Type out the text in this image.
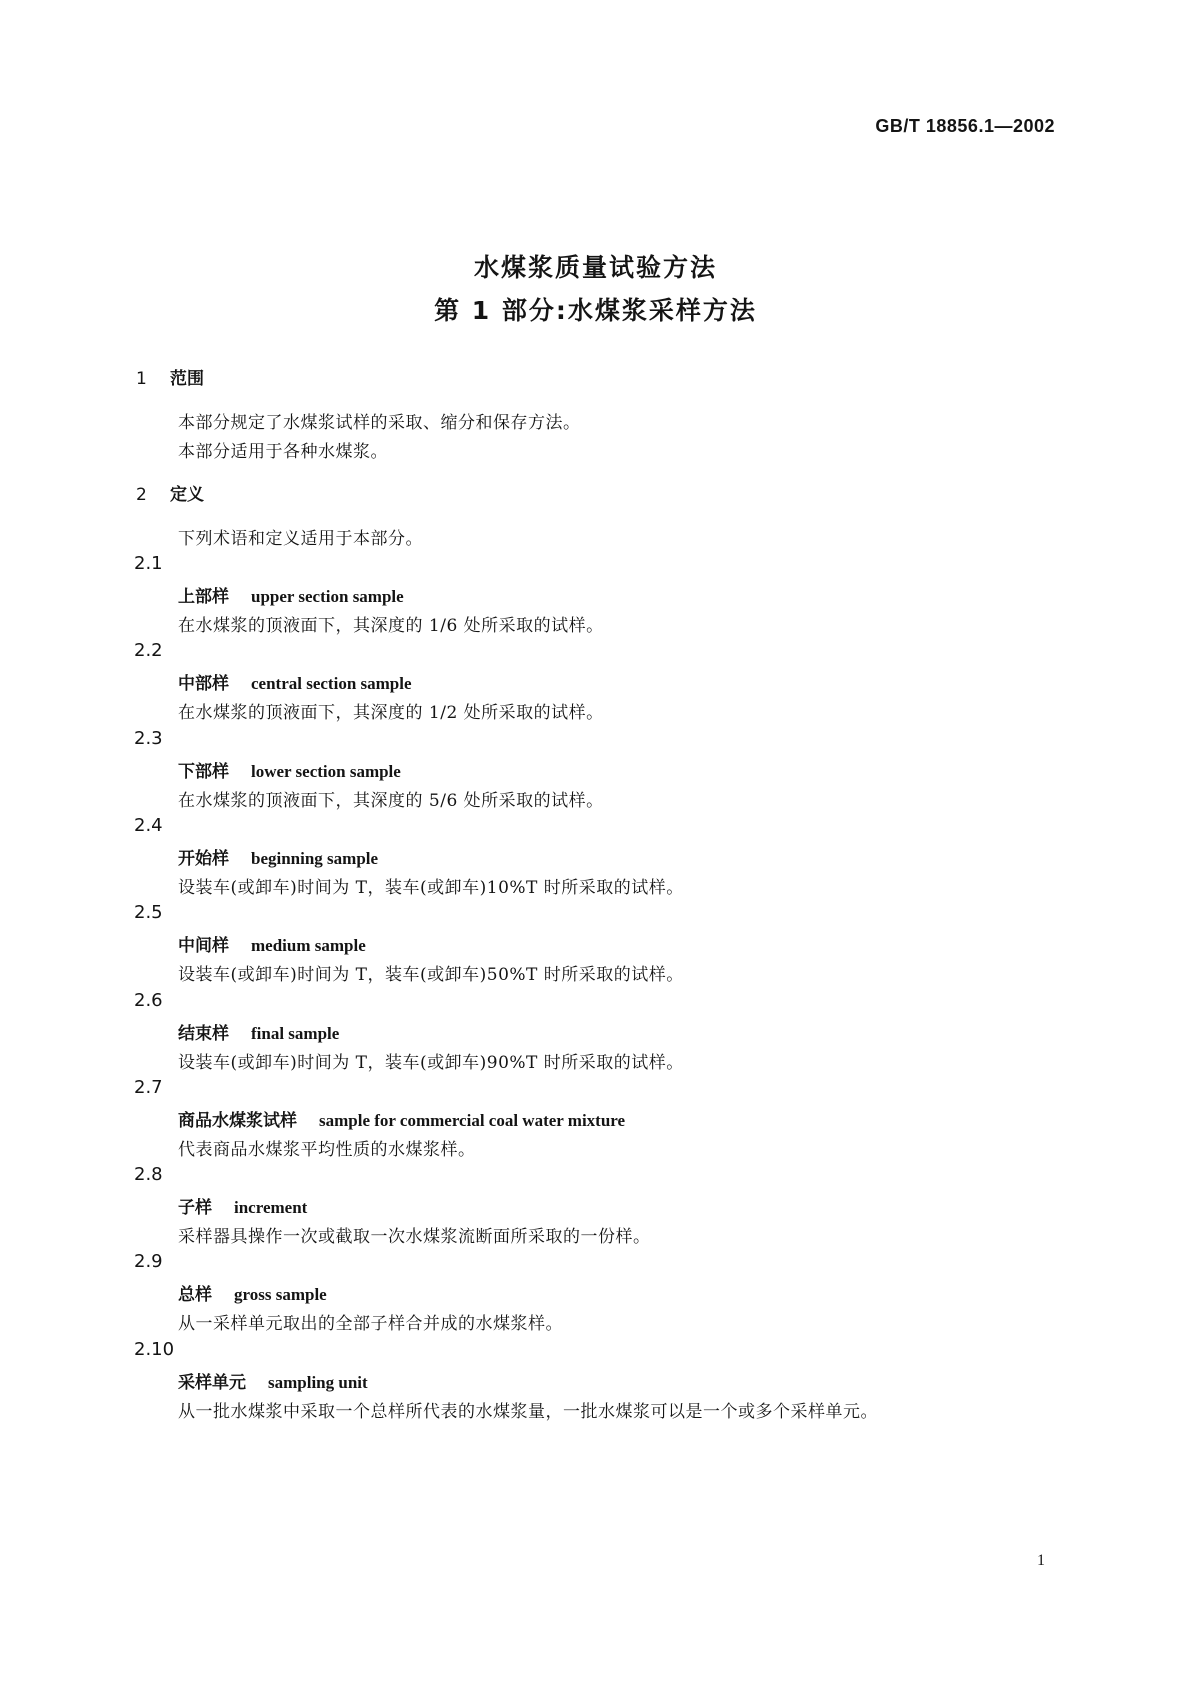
GB/T 18856.1—2002
水煤浆质量试验方法
第 1 部分:水煤浆采样方法
1 范围
本部分规定了水煤浆试样的采取、缩分和保存方法。
本部分适用于各种水煤浆。
2 定义
下列术语和定义适用于本部分。
2.1
上部样 upper section sample
在水煤浆的顶液面下，其深度的 1/6 处所采取的试样。
2.2
中部样 central section sample
在水煤浆的顶液面下，其深度的 1/2 处所采取的试样。
2.3
下部样 lower section sample
在水煤浆的顶液面下，其深度的 5/6 处所采取的试样。
2.4
开始样 beginning sample
设装车(或卸车)时间为 T，装车(或卸车)10%T 时所采取的试样。
2.5
中间样 medium sample
设装车(或卸车)时间为 T，装车(或卸车)50%T 时所采取的试样。
2.6
结束样 final sample
设装车(或卸车)时间为 T，装车(或卸车)90%T 时所采取的试样。
2.7
商品水煤浆试样 sample for commercial coal water mixture
代表商品水煤浆平均性质的水煤浆样。
2.8
子样 increment
采样器具操作一次或截取一次水煤浆流断面所采取的一份样。
2.9
总样 gross sample
从一采样单元取出的全部子样合并成的水煤浆样。
2.10
采样单元 sampling unit
从一批水煤浆中采取一个总样所代表的水煤浆量，一批水煤浆可以是一个或多个采样单元。
1
